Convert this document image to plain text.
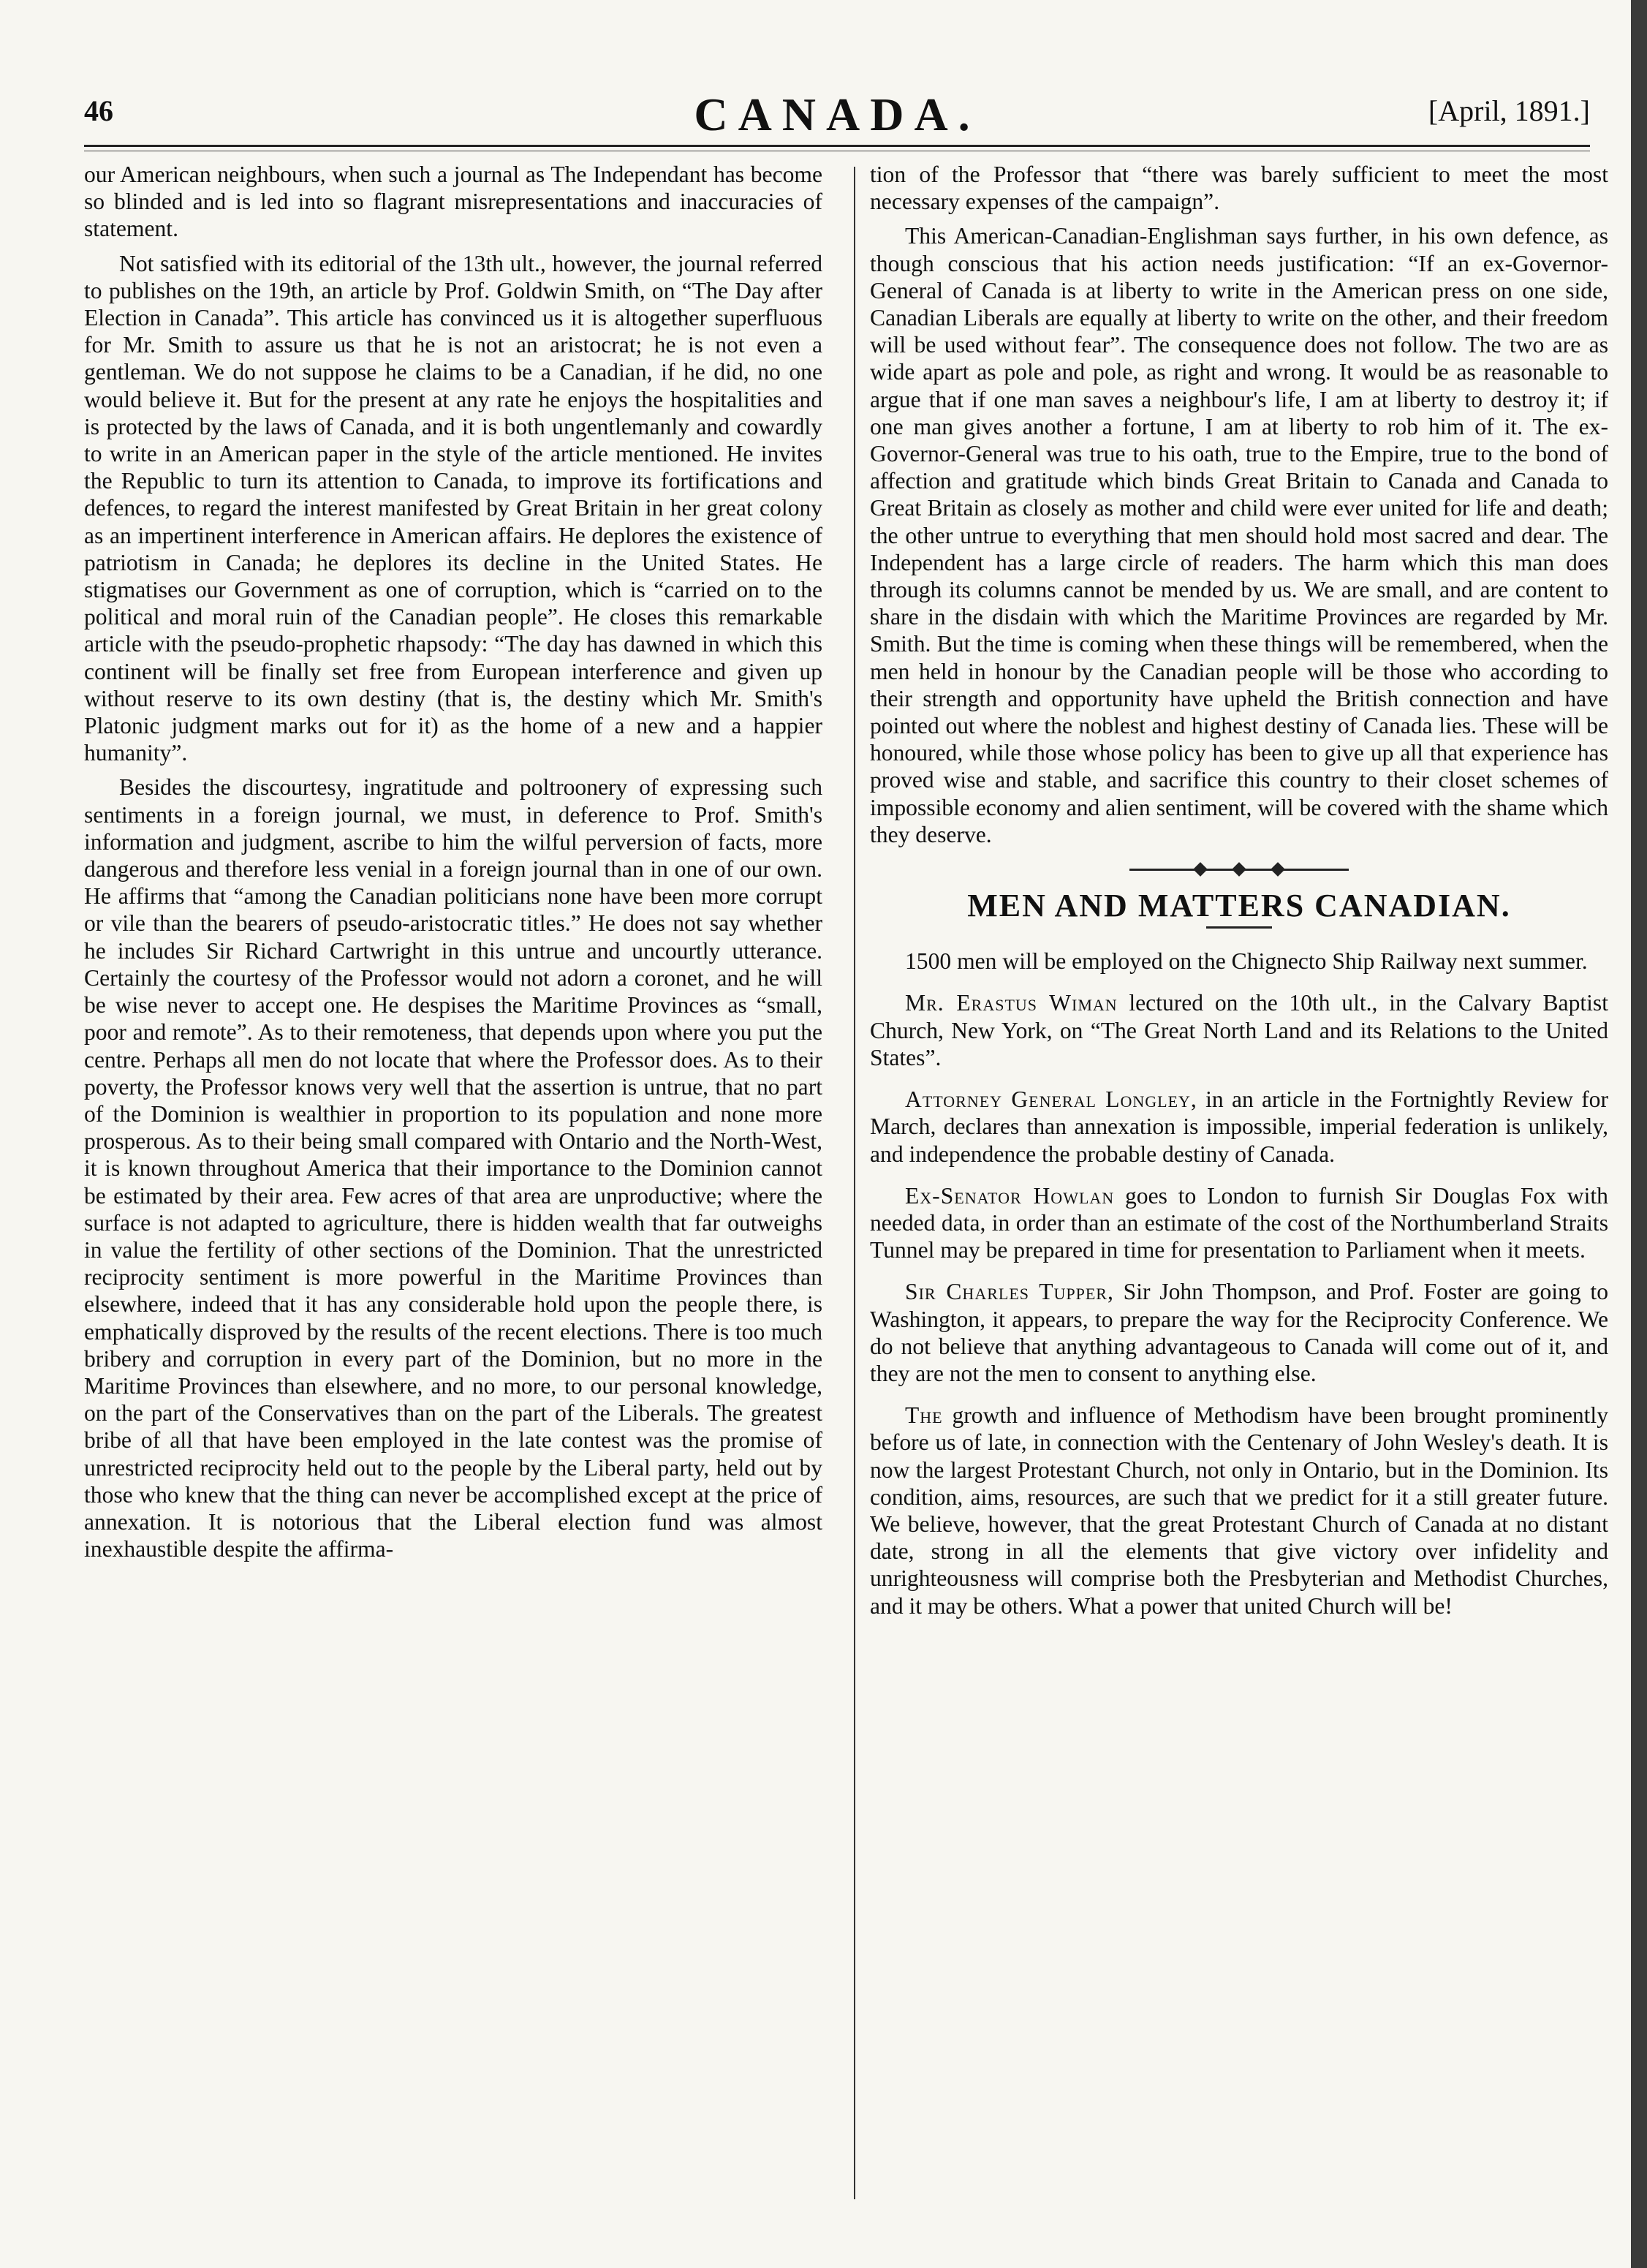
46	CANADA.	[April, 1891.]

our American neighbours, when such a journal as The Independant has become so blinded and is led into so flagrant misrepresentations and inaccuracies of statement.

Not satisfied with its editorial of the 13th ult., however, the journal referred to publishes on the 19th, an article by Prof. Goldwin Smith, on “The Day after Election in Canada”. This article has convinced us it is altogether superfluous for Mr. Smith to assure us that he is not an aristocrat; he is not even a gentleman. We do not suppose he claims to be a Canadian, if he did, no one would believe it. But for the present at any rate he enjoys the hospitalities and is protected by the laws of Canada, and it is both ungentlemanly and cowardly to write in an American paper in the style of the article mentioned. He invites the Republic to turn its attention to Canada, to improve its fortifications and defences, to regard the interest manifested by Great Britain in her great colony as an impertinent interference in American affairs. He deplores the existence of patriotism in Canada; he deplores its decline in the United States. He stigmatises our Government as one of corruption, which is “carried on to the political and moral ruin of the Canadian people”. He closes this remarkable article with the pseudo-prophetic rhapsody: “The day has dawned in which this continent will be finally set free from European interference and given up without reserve to its own destiny (that is, the destiny which Mr. Smith's Platonic judgment marks out for it) as the home of a new and a happier humanity”.

Besides the discourtesy, ingratitude and poltroonery of expressing such sentiments in a foreign journal, we must, in deference to Prof. Smith's information and judgment, ascribe to him the wilful perversion of facts, more dangerous and therefore less venial in a foreign journal than in one of our own. He affirms that “among the Canadian politicians none have been more corrupt or vile than the bearers of pseudo-aristocratic titles.” He does not say whether he includes Sir Richard Cartwright in this untrue and uncourtly utterance. Certainly the courtesy of the Professor would not adorn a coronet, and he will be wise never to accept one. He despises the Maritime Provinces as “small, poor and remote”. As to their remoteness, that depends upon where you put the centre. Perhaps all men do not locate that where the Professor does. As to their poverty, the Professor knows very well that the assertion is untrue, that no part of the Dominion is wealthier in proportion to its population and none more prosperous. As to their being small compared with Ontario and the North-West, it is known throughout America that their importance to the Dominion cannot be estimated by their area. Few acres of that area are unproductive; where the surface is not adapted to agriculture, there is hidden wealth that far outweighs in value the fertility of other sections of the Dominion. That the unrestricted reciprocity sentiment is more powerful in the Maritime Provinces than elsewhere, indeed that it has any considerable hold upon the people there, is emphatically disproved by the results of the recent elections. There is too much bribery and corruption in every part of the Dominion, but no more in the Maritime Provinces than elsewhere, and no more, to our personal knowledge, on the part of the Conservatives than on the part of the Liberals. The greatest bribe of all that have been employed in the late contest was the promise of unrestricted reciprocity held out to the people by the Liberal party, held out by those who knew that the thing can never be accomplished except at the price of annexation. It is notorious that the Liberal election fund was almost inexhaustible despite the affirma-

tion of the Professor that “there was barely sufficient to meet the most necessary expenses of the campaign”.

This American-Canadian-Englishman says further, in his own defence, as though conscious that his action needs justification: “If an ex-Governor-General of Canada is at liberty to write in the American press on one side, Canadian Liberals are equally at liberty to write on the other, and their freedom will be used without fear”. The consequence does not follow. The two are as wide apart as pole and pole, as right and wrong. It would be as reasonable to argue that if one man saves a neighbour's life, I am at liberty to destroy it; if one man gives another a fortune, I am at liberty to rob him of it. The ex-Governor-General was true to his oath, true to the Empire, true to the bond of affection and gratitude which binds Great Britain to Canada and Canada to Great Britain as closely as mother and child were ever united for life and death; the other untrue to everything that men should hold most sacred and dear. The Independent has a large circle of readers. The harm which this man does through its columns cannot be mended by us. We are small, and are content to share in the disdain with which the Maritime Provinces are regarded by Mr. Smith. But the time is coming when these things will be remembered, when the men held in honour by the Canadian people will be those who according to their strength and opportunity have upheld the British connection and have pointed out where the noblest and highest destiny of Canada lies. These will be honoured, while those whose policy has been to give up all that experience has proved wise and stable, and sacrifice this country to their closet schemes of impossible economy and alien sentiment, will be covered with the shame which they deserve.

MEN AND MATTERS CANADIAN.

1500 men will be employed on the Chignecto Ship Railway next summer.

Mr. Erastus Wiman lectured on the 10th ult., in the Calvary Baptist Church, New York, on “The Great North Land and its Relations to the United States”.

Attorney General Longley, in an article in the Fortnightly Review for March, declares than annexation is impossible, imperial federation is unlikely, and independence the probable destiny of Canada.

Ex-Senator Howlan goes to London to furnish Sir Douglas Fox with needed data, in order than an estimate of the cost of the Northumberland Straits Tunnel may be prepared in time for presentation to Parliament when it meets.

Sir Charles Tupper, Sir John Thompson, and Prof. Foster are going to Washington, it appears, to prepare the way for the Reciprocity Conference. We do not believe that anything advantageous to Canada will come out of it, and they are not the men to consent to anything else.

The growth and influence of Methodism have been brought prominently before us of late, in connection with the Centenary of John Wesley's death. It is now the largest Protestant Church, not only in Ontario, but in the Dominion. Its condition, aims, resources, are such that we predict for it a still greater future. We believe, however, that the great Protestant Church of Canada at no distant date, strong in all the elements that give victory over infidelity and unrighteousness will comprise both the Presbyterian and Methodist Churches, and it may be others. What a power that united Church will be!
